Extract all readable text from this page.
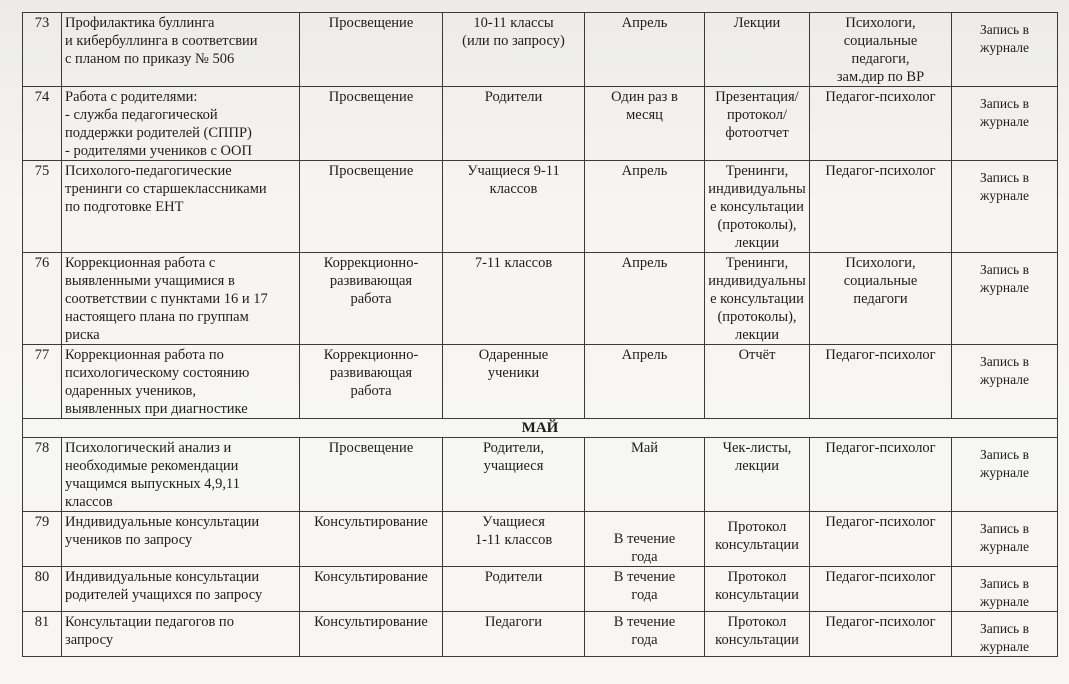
73	Профилактика буллинга
и кибербуллинга в соответсвии
с планом по приказу № 506	Просвещение	10-11 классы
(или по запросу)	Апрель	Лекции	Психологи,
социальные
педагоги,
зам.дир по ВР	Запись в
журнале
74	Работа с родителями:
- служба педагогической
поддержки родителей (СППР)
- родителями учеников с ООП	Просвещение	Родители	Один раз в
месяц	Презентация/
протокол/
фотоотчет	Педагог-психолог	Запись в
журнале
75	Психолого-педагогические
тренинги со старшеклассниками
по подготовке ЕНТ	Просвещение	Учащиеся 9-11
классов	Апрель	Тренинги,
индивидуальны
е консультации
(протоколы),
лекции	Педагог-психолог	Запись в
журнале
76	Коррекционная работа с
выявленными учащимися в
соответствии с пунктами 16 и 17
настоящего плана по группам
риска	Коррекционно-
развивающая
работа	7-11 классов	Апрель	Тренинги,
индивидуальны
е консультации
(протоколы),
лекции	Психологи,
социальные
педагоги	Запись в
журнале
77	Коррекционная работа по
психологическому состоянию
одаренных учеников,
выявленных при диагностике	Коррекционно-
развивающая
работа	Одаренные
ученики	Апрель	Отчёт	Педагог-психолог	Запись в
журнале
МАЙ							
78	Психологический анализ и
необходимые рекомендации
учащимся выпускных 4,9,11
классов	Просвещение	Родители,
учащиеся	Май	Чек-листы,
лекции	Педагог-психолог	Запись в
журнале
79	Индивидуальные консультации
учеников по запросу	Консультирование	Учащиеся
1-11 классов	В течение
года	Протокол
консультации	Педагог-психолог	Запись в
журнале
80	Индивидуальные консультации
родителей учащихся по запросу	Консультирование	Родители	В течение
года	Протокол
консультации	Педагог-психолог	Запись в
журнале
81	Консультации педагогов по
запросу	Консультирование	Педагоги	В течение
года	Протокол
консультации	Педагог-психолог	Запись в
журнале
